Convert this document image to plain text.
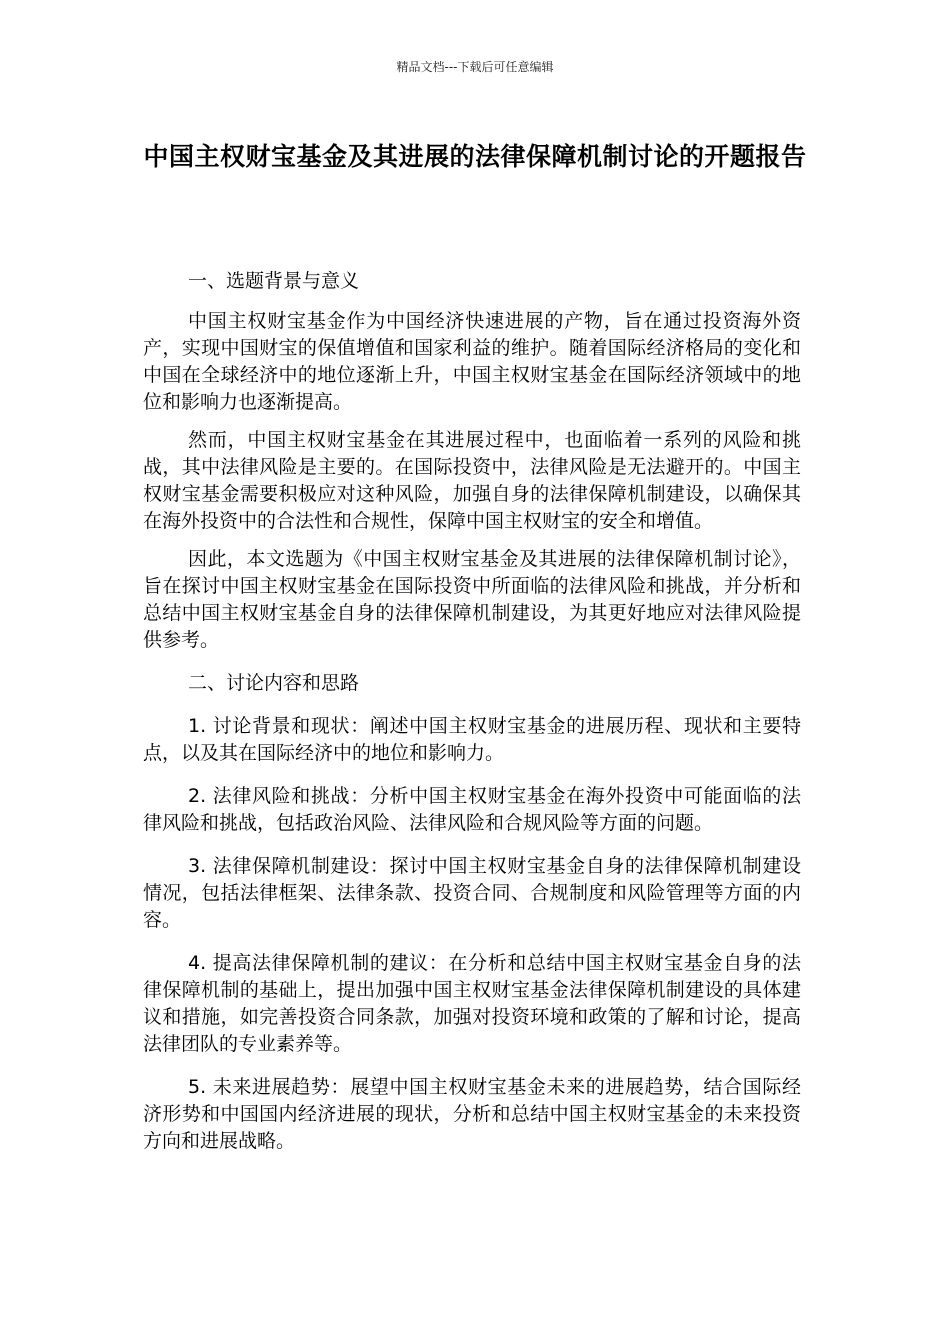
精品文档---下载后可任意编辑
中国主权财宝基金及其进展的法律保障机制讨论的开题报告

一、选题背景与意义

中国主权财宝基金作为中国经济快速进展的产物，旨在通过投资海外资产，实现中国财宝的保值增值和国家利益的维护。随着国际经济格局的变化和中国在全球经济中的地位逐渐上升，中国主权财宝基金在国际经济领域中的地位和影响力也逐渐提高。

然而，中国主权财宝基金在其进展过程中，也面临着一系列的风险和挑战，其中法律风险是主要的。在国际投资中，法律风险是无法避开的。中国主权财宝基金需要积极应对这种风险，加强自身的法律保障机制建设，以确保其在海外投资中的合法性和合规性，保障中国主权财宝的安全和增值。

因此，本文选题为《中国主权财宝基金及其进展的法律保障机制讨论》，旨在探讨中国主权财宝基金在国际投资中所面临的法律风险和挑战，并分析和总结中国主权财宝基金自身的法律保障机制建设，为其更好地应对法律风险提供参考。

二、讨论内容和思路

1. 讨论背景和现状：阐述中国主权财宝基金的进展历程、现状和主要特点，以及其在国际经济中的地位和影响力。

2. 法律风险和挑战：分析中国主权财宝基金在海外投资中可能面临的法律风险和挑战，包括政治风险、法律风险和合规风险等方面的问题。

3. 法律保障机制建设：探讨中国主权财宝基金自身的法律保障机制建设情况，包括法律框架、法律条款、投资合同、合规制度和风险管理等方面的内容。

4. 提高法律保障机制的建议：在分析和总结中国主权财宝基金自身的法律保障机制的基础上，提出加强中国主权财宝基金法律保障机制建设的具体建议和措施，如完善投资合同条款，加强对投资环境和政策的了解和讨论，提高法律团队的专业素养等。

5. 未来进展趋势：展望中国主权财宝基金未来的进展趋势，结合国际经济形势和中国国内经济进展的现状，分析和总结中国主权财宝基金的未来投资方向和进展战略。
